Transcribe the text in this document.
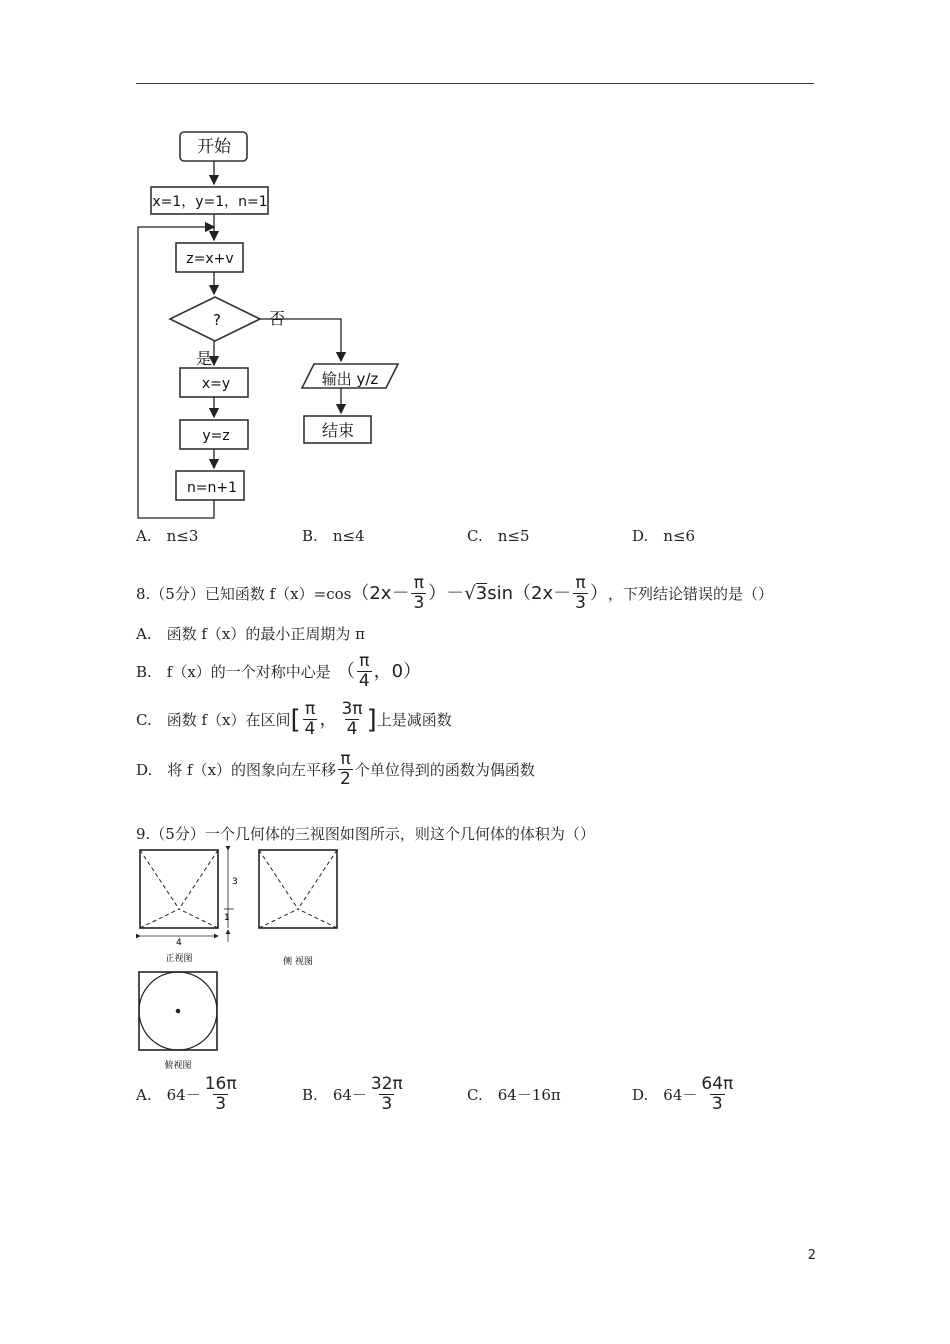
开始
x=1，y=1，n=1
z=x+v
?	否
是
x=y
y=z
n=n+1
输出 y/z
结束
A.　 n≤3	B.　 n≤4	C.　 n≤5	D.　 n≤6
8.（5分）已知函数 f（x）=cos （ $2x- \frac{\pi}{3}$ ） － √ 3 sin （ $2x- \frac{\pi}{3}$ ） ，下列结论错误的是（）
A.　函数 f（x）的最小正周期为 π
B.　f（x）的一个对称中心是 （ $\frac{\pi}{4}$ ，0）
C.　函数 f（x）在区间 [ $\frac{\pi}{4}$ ， $\frac{3\pi}{4}$ ] 上是减函数
D.　将 f（x）的图象向左平移 $\frac{\pi}{2}$ 个单位得到的函数为偶函数
9.（5分）一个几何体的三视图如图所示，则这个几何体的体积为（）
3
1
4
正视图	侧 视图
俯视图
A.
　 $64- \frac{16\pi}{3}$	B.
　 $64- \frac{32\pi}{3}$	C.　 64－16π	D.
　 $64- \frac{64\pi}{3}$
2
